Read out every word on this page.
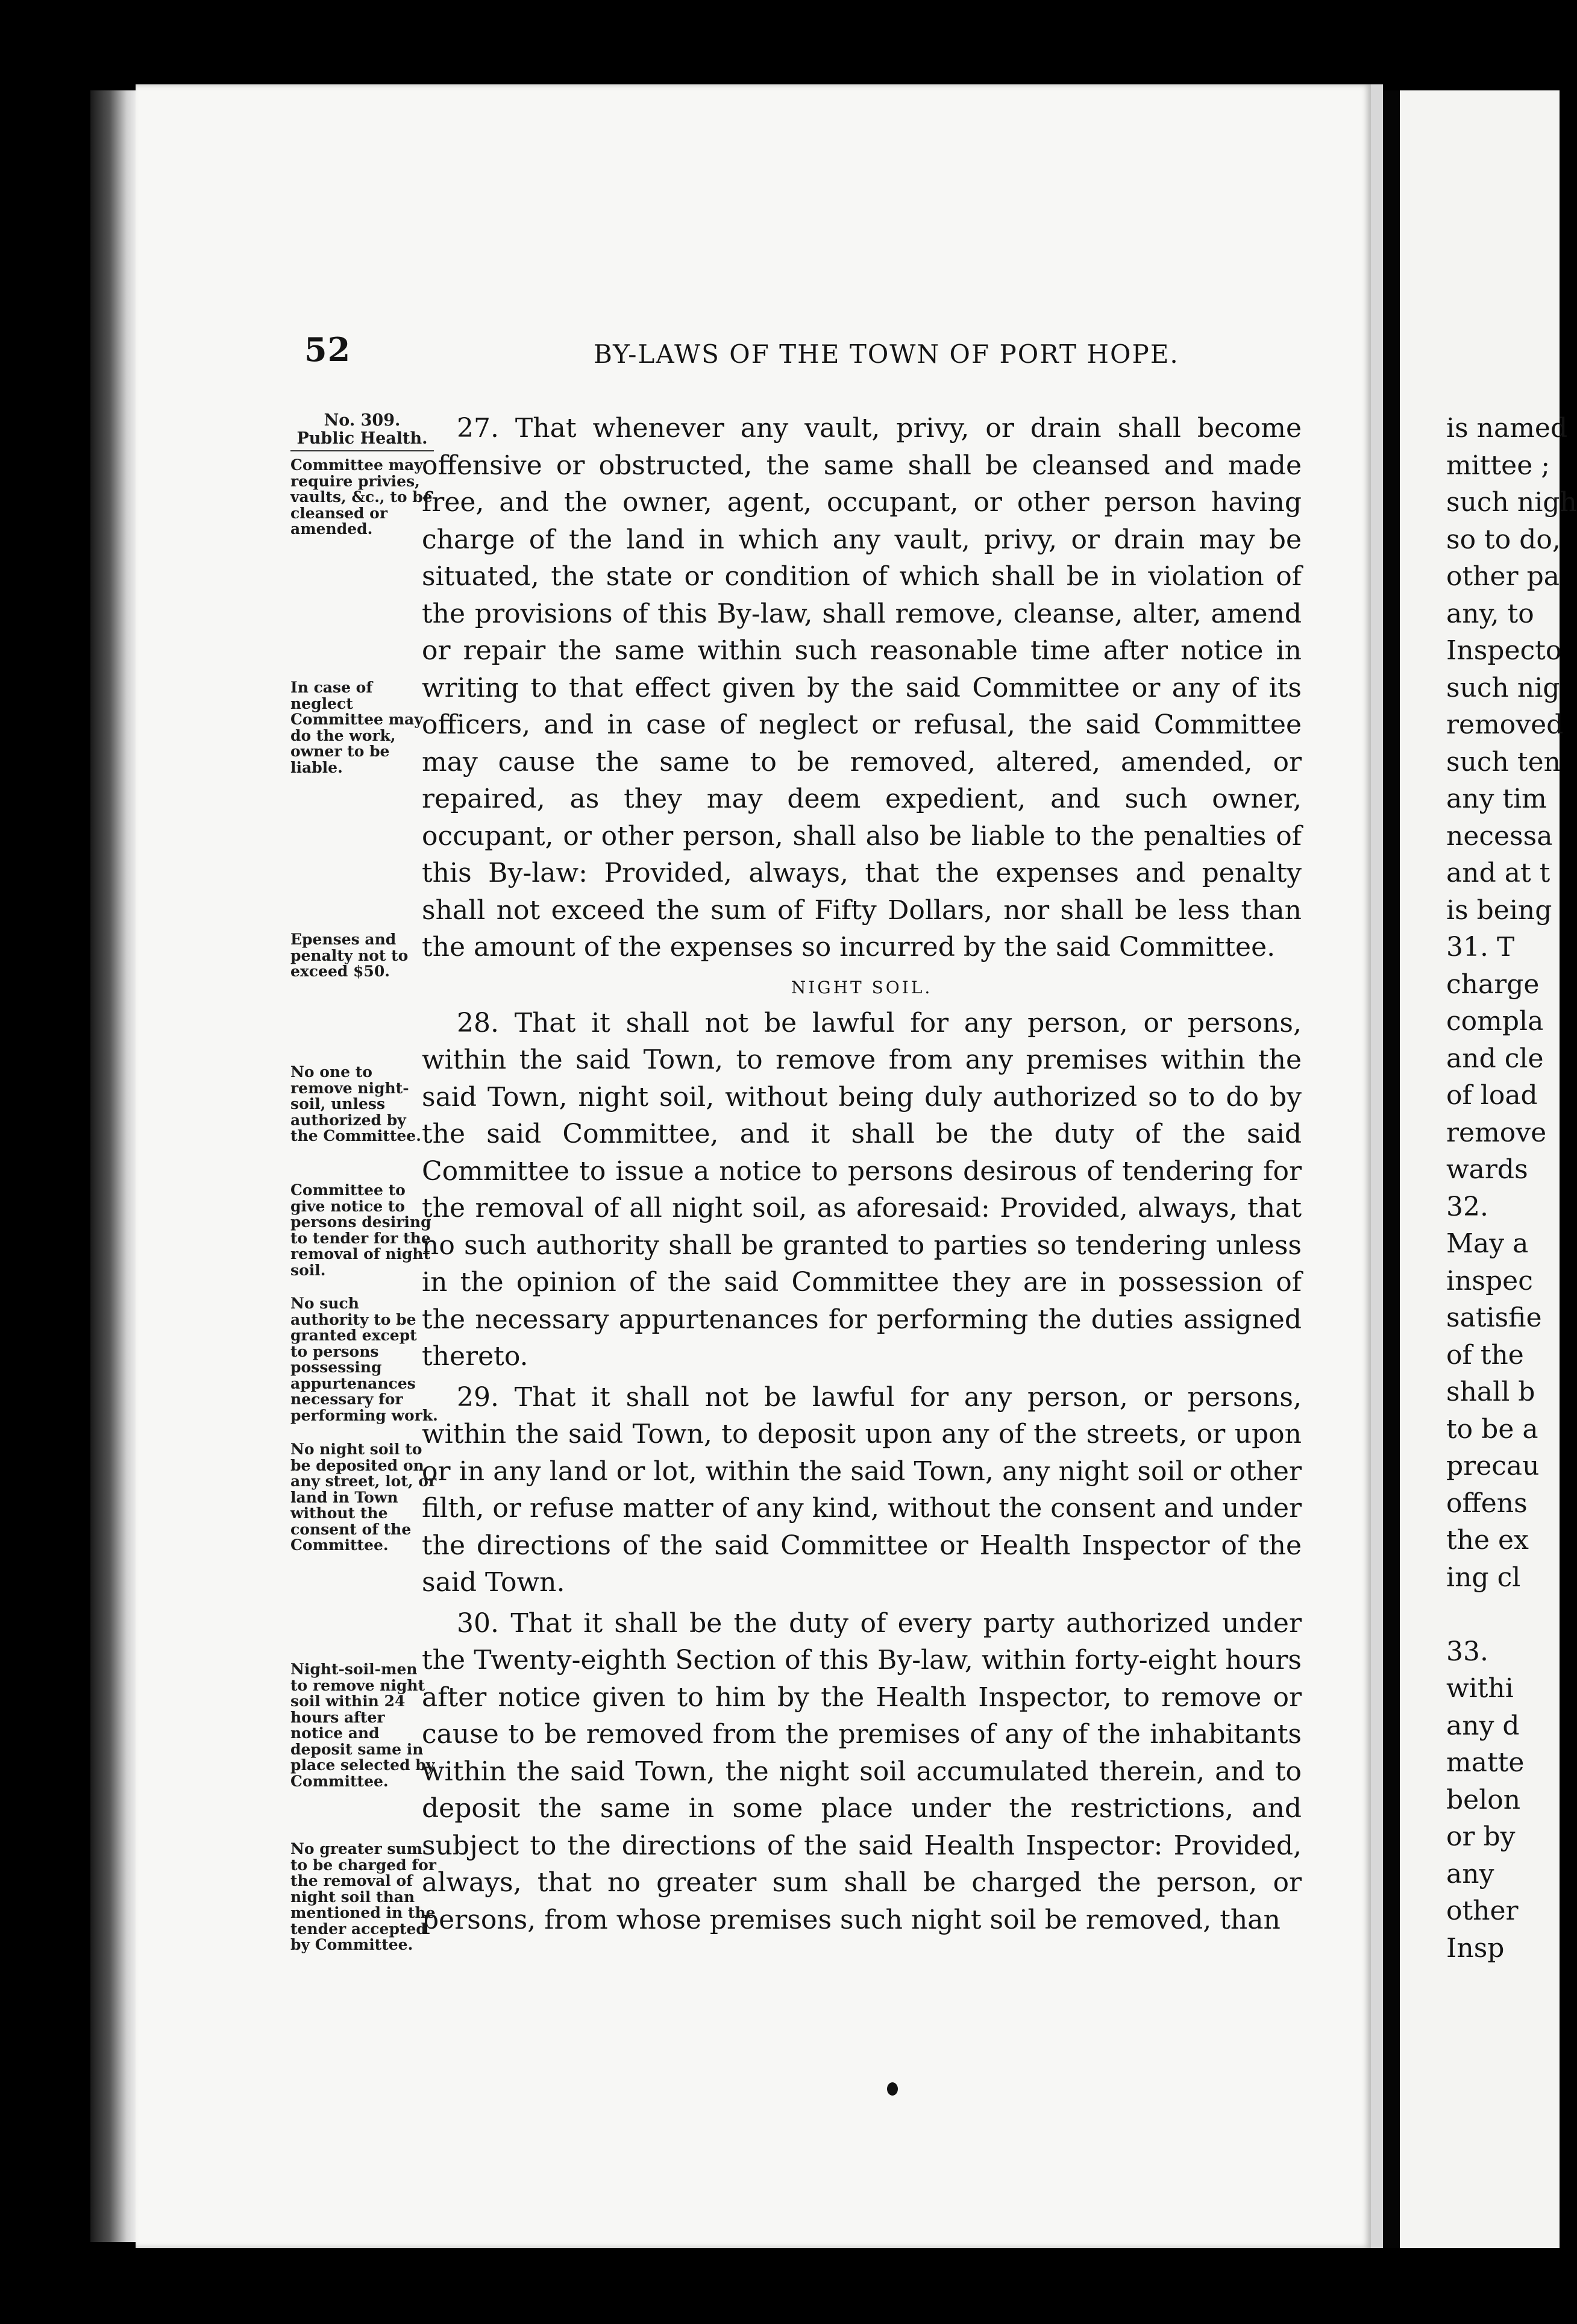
52	BY-LAWS OF THE TOWN OF PORT HOPE.
No. 309.
Public Health.
Committee may require privies, vaults, &c., to be cleansed or amended.
In case of neglect Committee may do the work, owner to be liable.
Epenses and penalty not to exceed $50.
No one to remove night-soil, unless authorized by the Committee.
Committee to give notice to persons desiring to tender for the removal of night soil.
No such authority to be granted except to persons possessing appurtenances necessary for performing work.
No night soil to be deposited on any street, lot, or land in Town without the consent of the Committee.
Night-soil-men to remove night soil within 24 hours after notice and deposit same in place selected by Committee.
No greater sum to be charged for the removal of night soil than mentioned in the tender accepted by Committee.

27. That whenever any vault, privy, or drain shall become offensive or obstructed, the same shall be cleansed and made free, and the owner, agent, occupant, or other person having charge of the land in which any vault, privy, or drain may be situated, the state or condition of which shall be in violation of the provisions of this By-law, shall remove, cleanse, alter, amend or repair the same within such reasonable time after notice in writing to that effect given by the said Committee or any of its officers, and in case of neglect or refusal, the said Committee may cause the same to be removed, altered, amended, or repaired, as they may deem expedient, and such owner, occupant, or other person, shall also be liable to the penalties of this By-law: Provided, always, that the expenses and penalty shall not exceed the sum of Fifty Dollars, nor shall be less than the amount of the expenses so incurred by the said Committee.

NIGHT SOIL.

28. That it shall not be lawful for any person, or persons, within the said Town, to remove from any premises within the said Town, night soil, without being duly authorized so to do by the said Committee, and it shall be the duty of the said Committee to issue a notice to persons desirous of tendering for the removal of all night soil, as aforesaid: Provided, always, that no such authority shall be granted to parties so tendering unless in the opinion of the said Committee they are in possession of the necessary appurtenances for performing the duties assigned thereto.

29. That it shall not be lawful for any person, or persons, within the said Town, to deposit upon any of the streets, or upon or in any land or lot, within the said Town, any night soil or other filth, or refuse matter of any kind, without the consent and under the directions of the said Committee or Health Inspector of the said Town.

30. That it shall be the duty of every party authorized under the Twenty-eighth Section of this By-law, within forty-eight hours after notice given to him by the Health Inspector, to remove or cause to be removed from the premises of any of the inhabitants within the said Town, the night soil accumulated therein, and to deposit the same in some place under the restrictions, and subject to the directions of the said Health Inspector: Provided, always, that no greater sum shall be charged the person, or persons, from whose premises such night soil be removed, than

is named
mittee ;
such nigh
so to do,
other pa
any, to
Inspecto
such nig
removed
such ten
any tim
necessa
and at t
is being
31. T
charge
compla
and cle
of load
remove
wards
32.
May a
inspec
satisfie
of the
shall b
to be a
precau
offens
the ex
ing cl
33.
withi
any d
matte
belon
or by
any
other
Insp
